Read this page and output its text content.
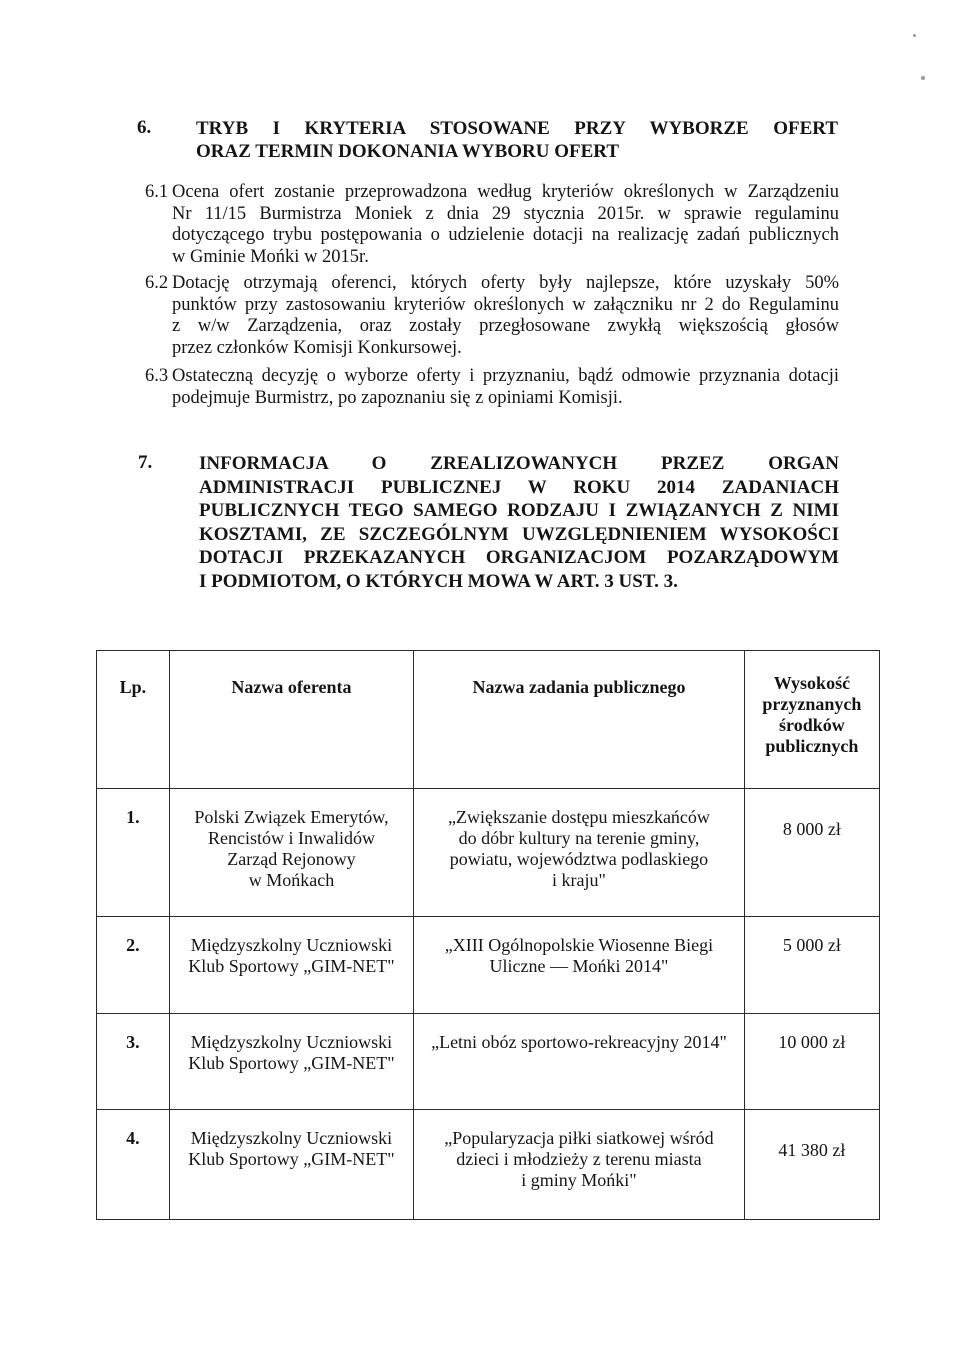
6. TRYB I KRYTERIA STOSOWANE PRZY WYBORZE OFERT
ORAZ TERMIN DOKONANIA WYBORU OFERT
6.1 Ocena ofert zostanie przeprowadzona według kryteriów określonych w Zarządzeniu
Nr 11/15 Burmistrza Moniek z dnia 29 stycznia 2015r. w sprawie regulaminu
dotyczącego trybu postępowania o udzielenie dotacji na realizację zadań publicznych
w Gminie Mońki w 2015r.
6.2 Dotację otrzymają oferenci, których oferty były najlepsze, które uzyskały 50%
punktów przy zastosowaniu kryteriów określonych w załączniku nr 2 do Regulaminu
z w/w Zarządzenia, oraz zostały przegłosowane zwykłą większością głosów
przez członków Komisji Konkursowej.
6.3 Ostateczną decyzję o wyborze oferty i przyznaniu, bądź odmowie przyznania dotacji
podejmuje Burmistrz, po zapoznaniu się z opiniami Komisji.
7. INFORMACJA O ZREALIZOWANYCH PRZEZ ORGAN
ADMINISTRACJI PUBLICZNEJ W ROKU 2014 ZADANIACH
PUBLICZNYCH TEGO SAMEGO RODZAJU I ZWIĄZANYCH Z NIMI
KOSZTAMI, ZE SZCZEGÓLNYM UWZGLĘDNIENIEM WYSOKOŚCI
DOTACJI PRZEKAZANYCH ORGANIZACJOM POZARZĄDOWYM
I PODMIOTOM, O KTÓRYCH MOWA W ART. 3 UST. 3.
Lp.	Nazwa oferenta	Nazwa zadania publicznego	Wysokość
przyznanych
środków
publicznych

1.	Polski Związek Emerytów,
Rencistów i Inwalidów
Zarząd Rejonowy
w Mońkach	„Zwiększanie dostępu mieszkańców
do dóbr kultury na terenie gminy,
powiatu, województwa podlaskiego
i kraju"	8 000 zł
2.	Międzyszkolny Uczniowski
Klub Sportowy „GIM-NET"	„XIII Ogólnopolskie Wiosenne Biegi
Uliczne — Mońki 2014"	5 000 zł
3.	Międzyszkolny Uczniowski
Klub Sportowy „GIM-NET"	„Letni obóz sportowo-rekreacyjny 2014"	10 000 zł
4.	Międzyszkolny Uczniowski
Klub Sportowy „GIM-NET"	„Popularyzacja piłki siatkowej wśród
dzieci i młodzieży z terenu miasta
i gminy Mońki"	41 380 zł
